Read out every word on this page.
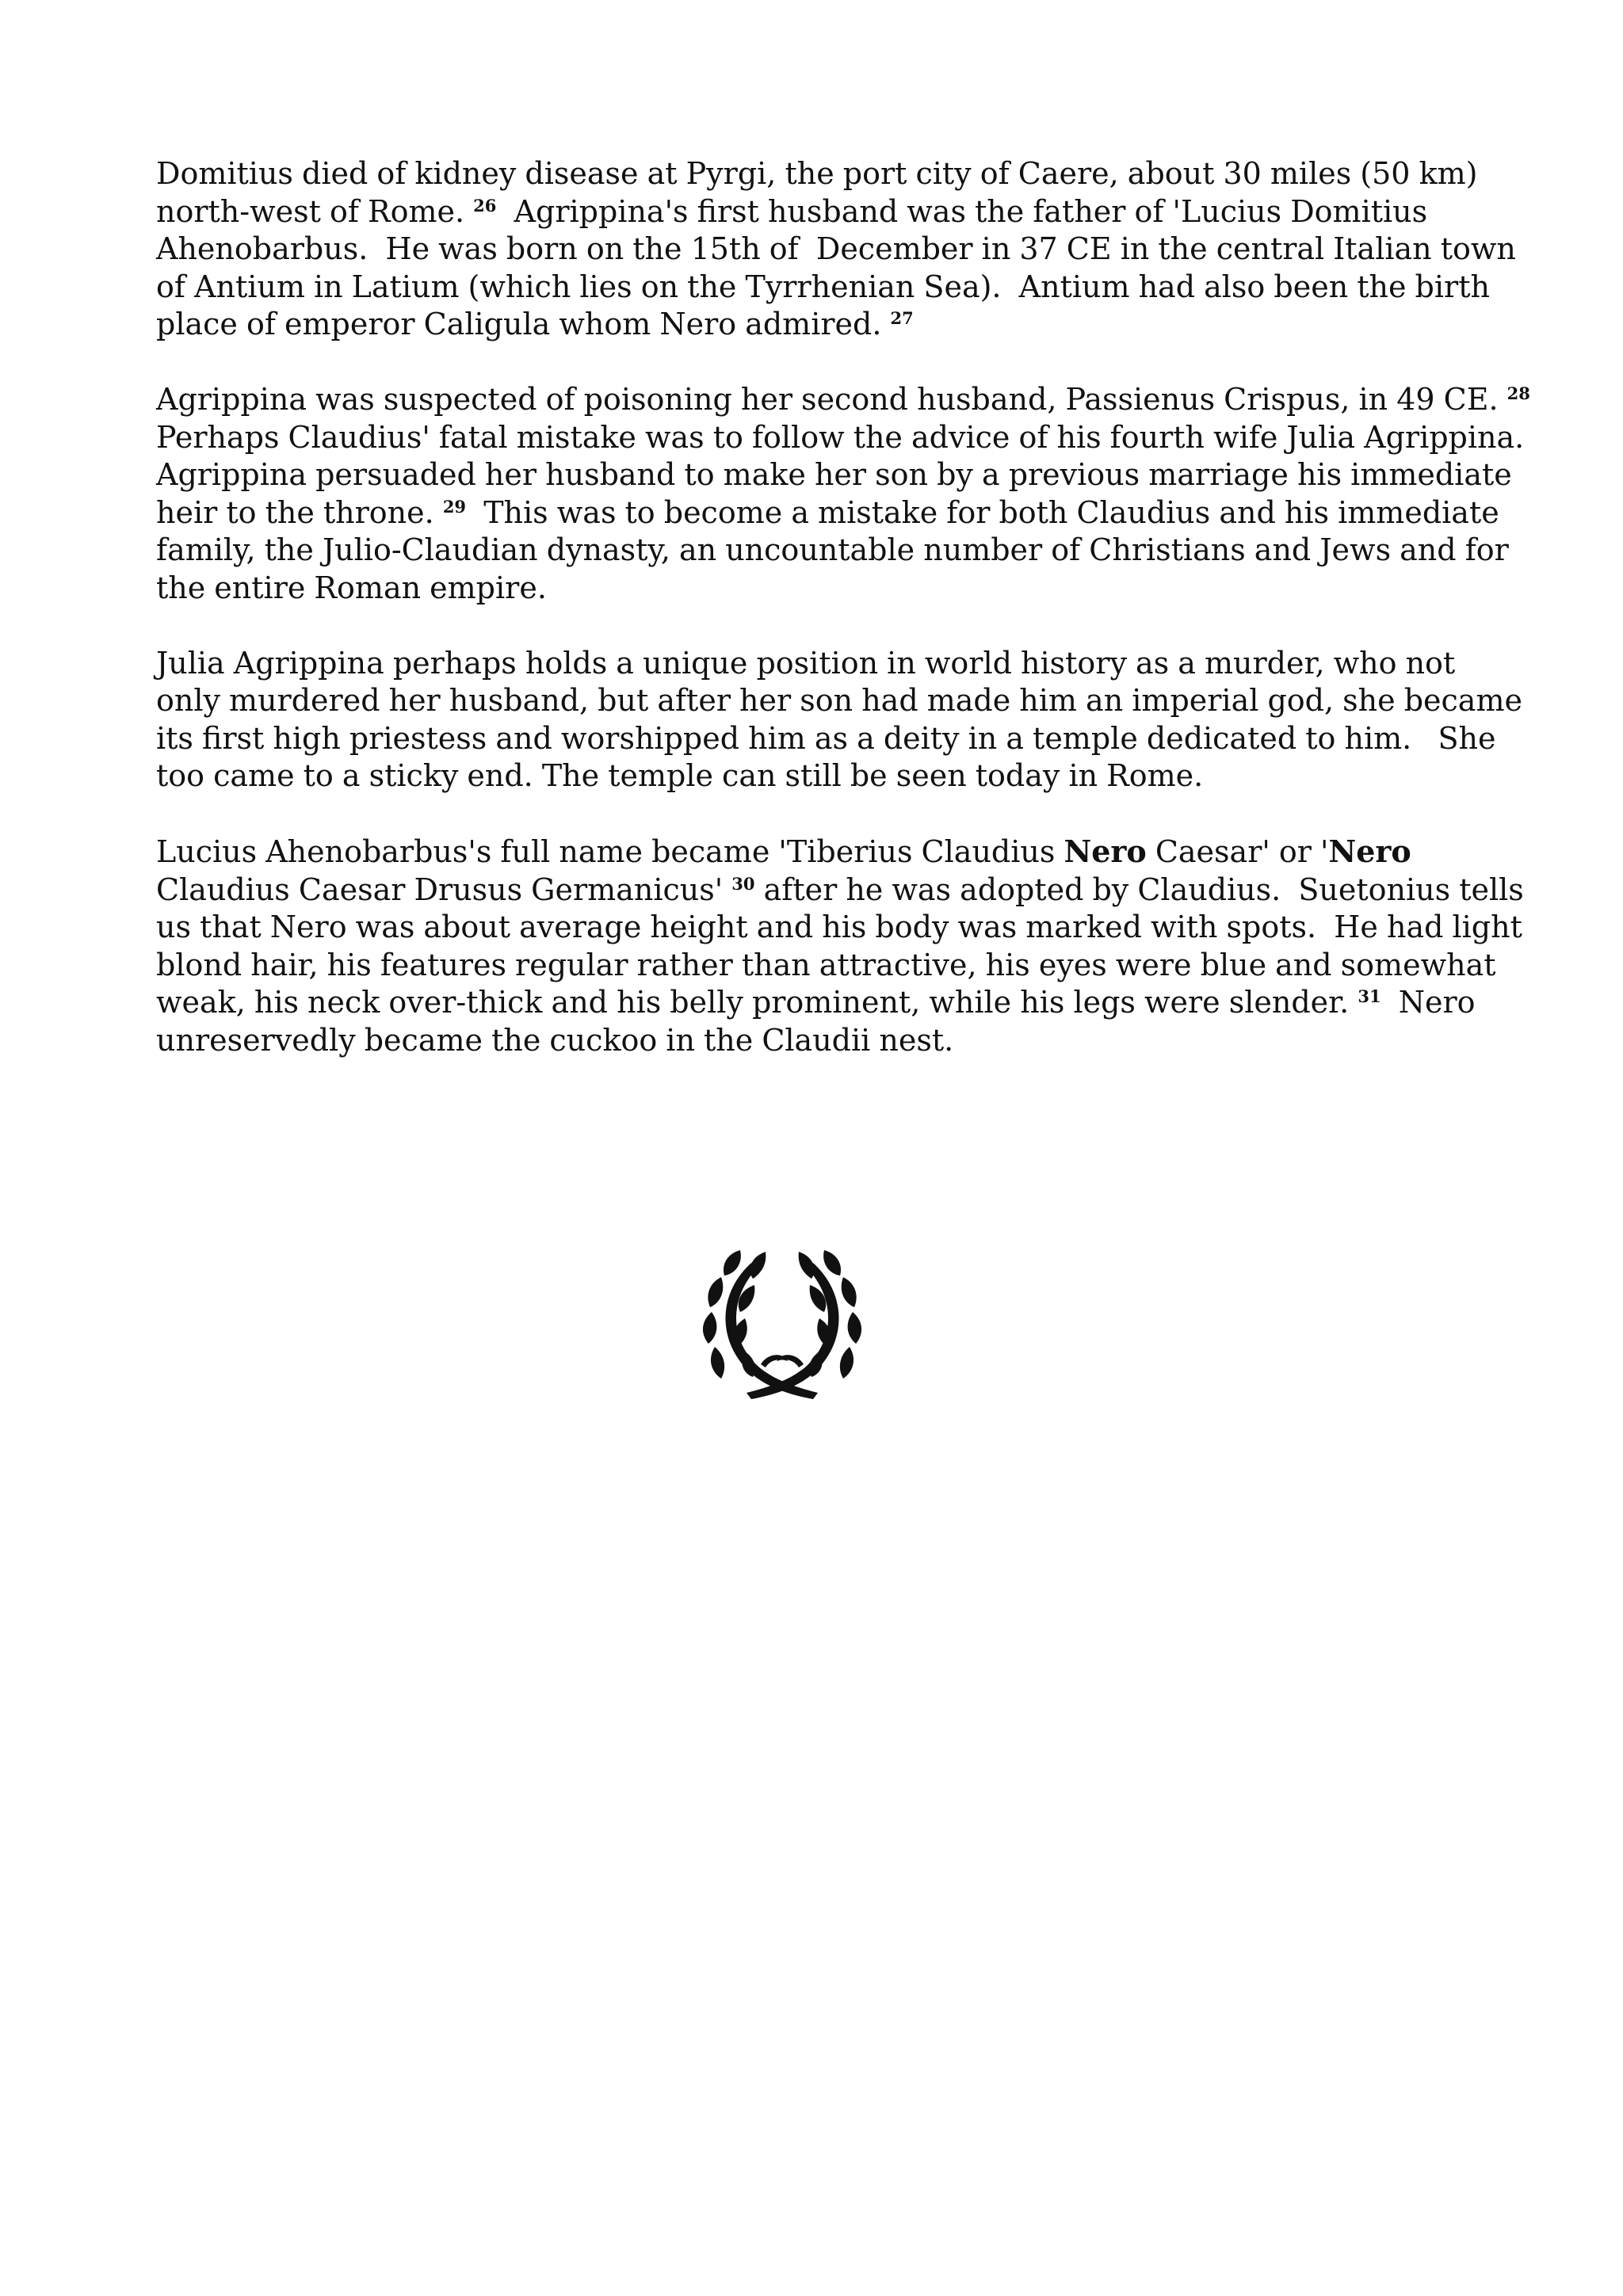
Domitius died of kidney disease at Pyrgi, the port city of Caere, about 30 miles (50 km)
north-west of Rome. $^{26}$  Agrippina's first husband was the father of 'Lucius Domitius
Ahenobarbus.  He was born on the 15th of  December in 37 CE in the central Italian town
of Antium in Latium (which lies on the Tyrrhenian Sea).  Antium had also been the birth
place of emperor Caligula whom Nero admired. $^{27}$
Agrippina was suspected of poisoning her second husband, Passienus Crispus, in 49 CE. $^{28}$
Perhaps Claudius' fatal mistake was to follow the advice of his fourth wife Julia Agrippina.
Agrippina persuaded her husband to make her son by a previous marriage his immediate
heir to the throne. $^{29}$  This was to become a mistake for both Claudius and his immediate
family, the Julio-Claudian dynasty, an uncountable number of Christians and Jews and for
the entire Roman empire.
Julia Agrippina perhaps holds a unique position in world history as a murder, who not
only murdered her husband, but after her son had made him an imperial god, she became
its first high priestess and worshipped him as a deity in a temple dedicated to him.   She
too came to a sticky end. The temple can still be seen today in Rome.
Lucius Ahenobarbus's full name became 'Tiberius Claudius Nero Caesar' or 'Nero
Claudius Caesar Drusus Germanicus' $^{30}$ after he was adopted by Claudius.  Suetonius tells
us that Nero was about average height and his body was marked with spots.  He had light
blond hair, his features regular rather than attractive, his eyes were blue and somewhat
weak, his neck over-thick and his belly prominent, while his legs were slender. $^{31}$  Nero
unreservedly became the cuckoo in the Claudii nest.
